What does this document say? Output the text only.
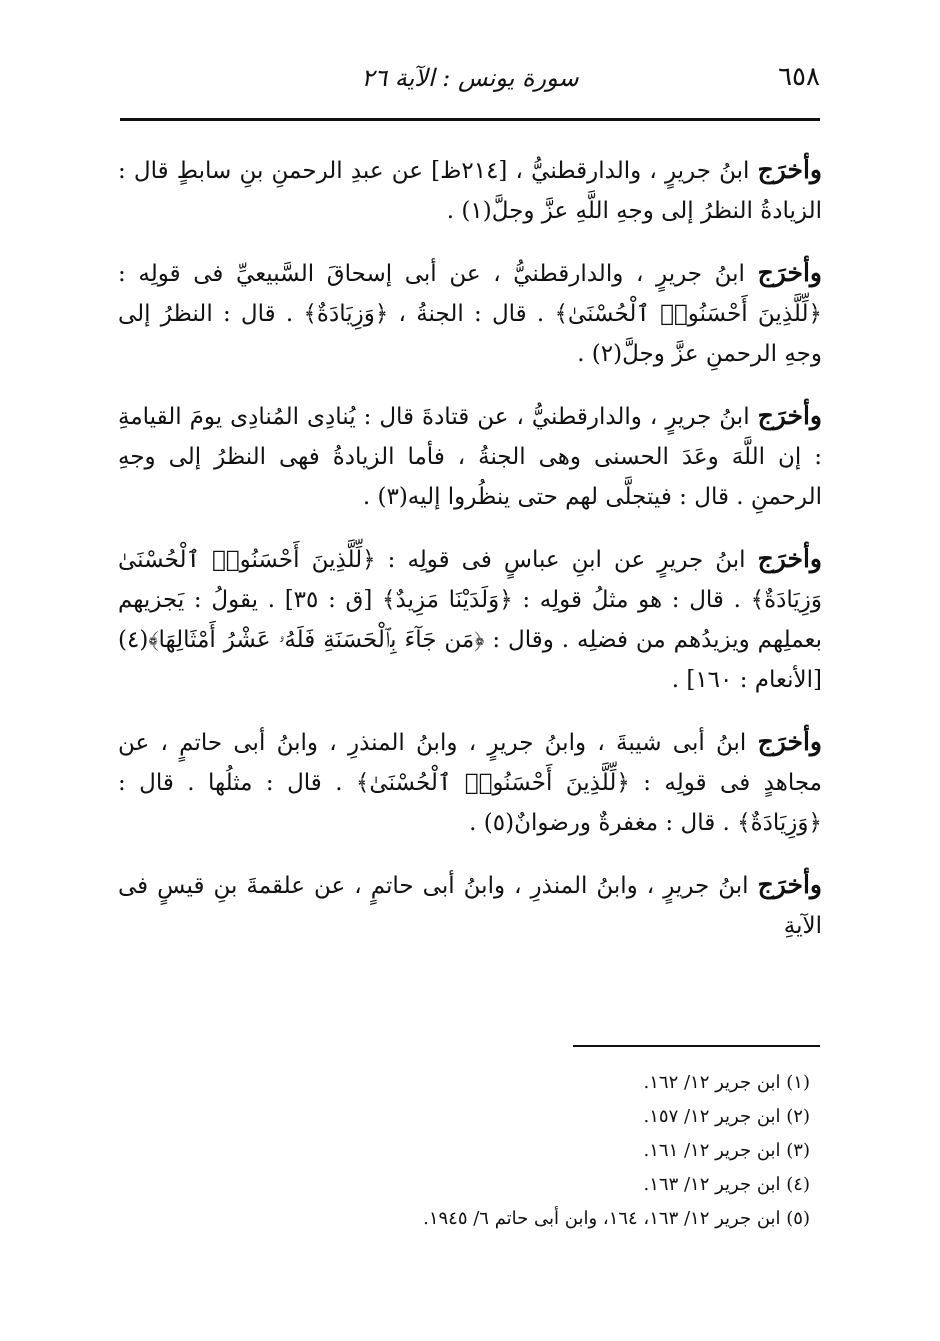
٦٥٨
سورة يونس : الآية ٢٦

وأخرَج ابنُ جريرٍ ، والدارقطنيُّ ، [٢١٤ظ] عن عبدِ الرحمنِ بنِ سابطٍ قال : الزيادةُ النظرُ إلى وجهِ اللَّهِ عزَّ وجلَّ(١) .

وأخرَج ابنُ جريرٍ ، والدارقطنيُّ ، عن أبى إسحاقَ السَّبيعيِّ فى قولِه : ﴿لِّلَّذِينَ أَحْسَنُوا۟ ٱلْحُسْنَىٰ﴾ . قال : الجنةُ ، ﴿وَزِيَادَةٌ﴾ . قال : النظرُ إلى وجهِ الرحمنِ عزَّ وجلَّ(٢) .

وأخرَج ابنُ جريرٍ ، والدارقطنيُّ ، عن قتادةَ قال : يُنادِى المُنادِى يومَ القيامةِ : إن اللَّهَ وعَدَ الحسنى وهى الجنةُ ، فأما الزيادةُ فهى النظرُ إلى وجهِ الرحمنِ . قال : فيتجلَّى لهم حتى ينظُروا إليه(٣) .

وأخرَج ابنُ جريرٍ عن ابنِ عباسٍ فى قولِه : ﴿لِّلَّذِينَ أَحْسَنُوا۟ ٱلْحُسْنَىٰ وَزِيَادَةٌ﴾ . قال : هو مثلُ قولِه : ﴿وَلَدَيْنَا مَزِيدٌ﴾ [ق : ٣٥] . يقولُ : يَجزيهم بعملِهم ويزيدُهم من فضلِه . وقال : ﴿مَن جَآءَ بِٱلْحَسَنَةِ فَلَهُۥ عَشْرُ أَمْثَالِهَا﴾(٤) [الأنعام : ١٦٠] .

وأخرَج ابنُ أبى شيبةَ ، وابنُ جريرٍ ، وابنُ المنذرِ ، وابنُ أبى حاتمٍ ، عن مجاهدٍ فى قولِه : ﴿لِّلَّذِينَ أَحْسَنُوا۟ ٱلْحُسْنَىٰ﴾ . قال : مثلُها . قال : ﴿وَزِيَادَةٌ﴾ . قال : مغفرةٌ ورضوانٌ(٥) .

وأخرَج ابنُ جريرٍ ، وابنُ المنذرِ ، وابنُ أبى حاتمٍ ، عن علقمةَ بنِ قيسٍ فى الآيةِ

(١) ابن جرير ١٢/ ١٦٢.
(٢) ابن جرير ١٢/ ١٥٧.
(٣) ابن جرير ١٢/ ١٦١.
(٤) ابن جرير ١٢/ ١٦٣.
(٥) ابن جرير ١٢/ ١٦٣، ١٦٤، وابن أبى حاتم ٦/ ١٩٤٥.
